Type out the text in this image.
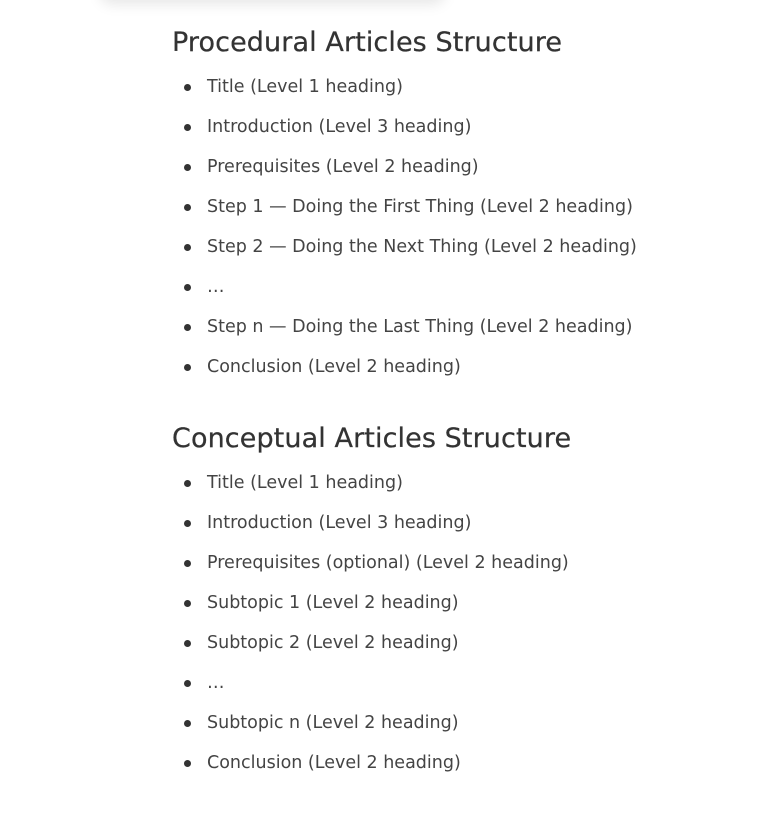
Procedural Articles Structure
Title (Level 1 heading)
Introduction (Level 3 heading)
Prerequisites (Level 2 heading)
Step 1 — Doing the First Thing (Level 2 heading)
Step 2 — Doing the Next Thing (Level 2 heading)
…
Step n — Doing the Last Thing (Level 2 heading)
Conclusion (Level 2 heading)
Conceptual Articles Structure
Title (Level 1 heading)
Introduction (Level 3 heading)
Prerequisites (optional) (Level 2 heading)
Subtopic 1 (Level 2 heading)
Subtopic 2 (Level 2 heading)
…
Subtopic n (Level 2 heading)
Conclusion (Level 2 heading)
